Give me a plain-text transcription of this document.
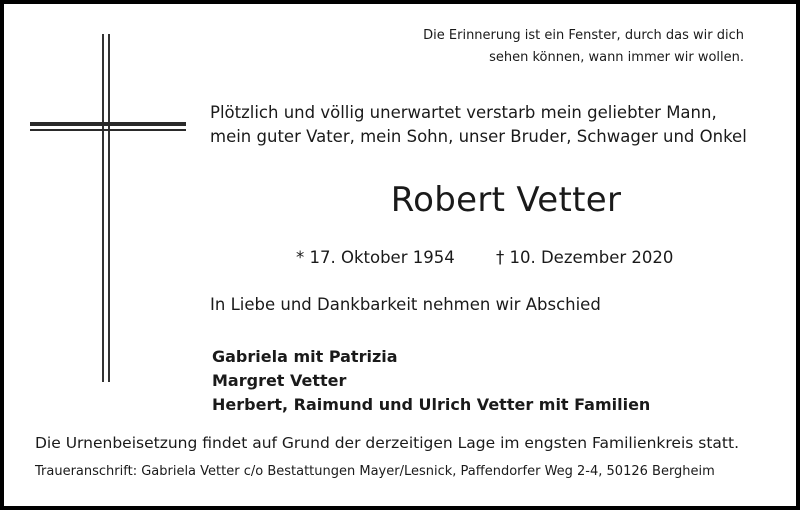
Die Erinnerung ist ein Fenster, durch das wir dich
sehen können, wann immer wir wollen.
Plötzlich und völlig unerwartet verstarb mein geliebter Mann,
mein guter Vater, mein Sohn, unser Bruder, Schwager und Onkel
Robert Vetter
* 17. Oktober 1954	† 10. Dezember 2020
In Liebe und Dankbarkeit nehmen wir Abschied
Gabriela mit Patrizia
Margret Vetter
Herbert, Raimund und Ulrich Vetter mit Familien
Die Urnenbeisetzung findet auf Grund der derzeitigen Lage im engsten Familienkreis statt.
Traueranschrift: Gabriela Vetter c/o Bestattungen Mayer/Lesnick, Paffendorfer Weg 2-4, 50126 Bergheim
